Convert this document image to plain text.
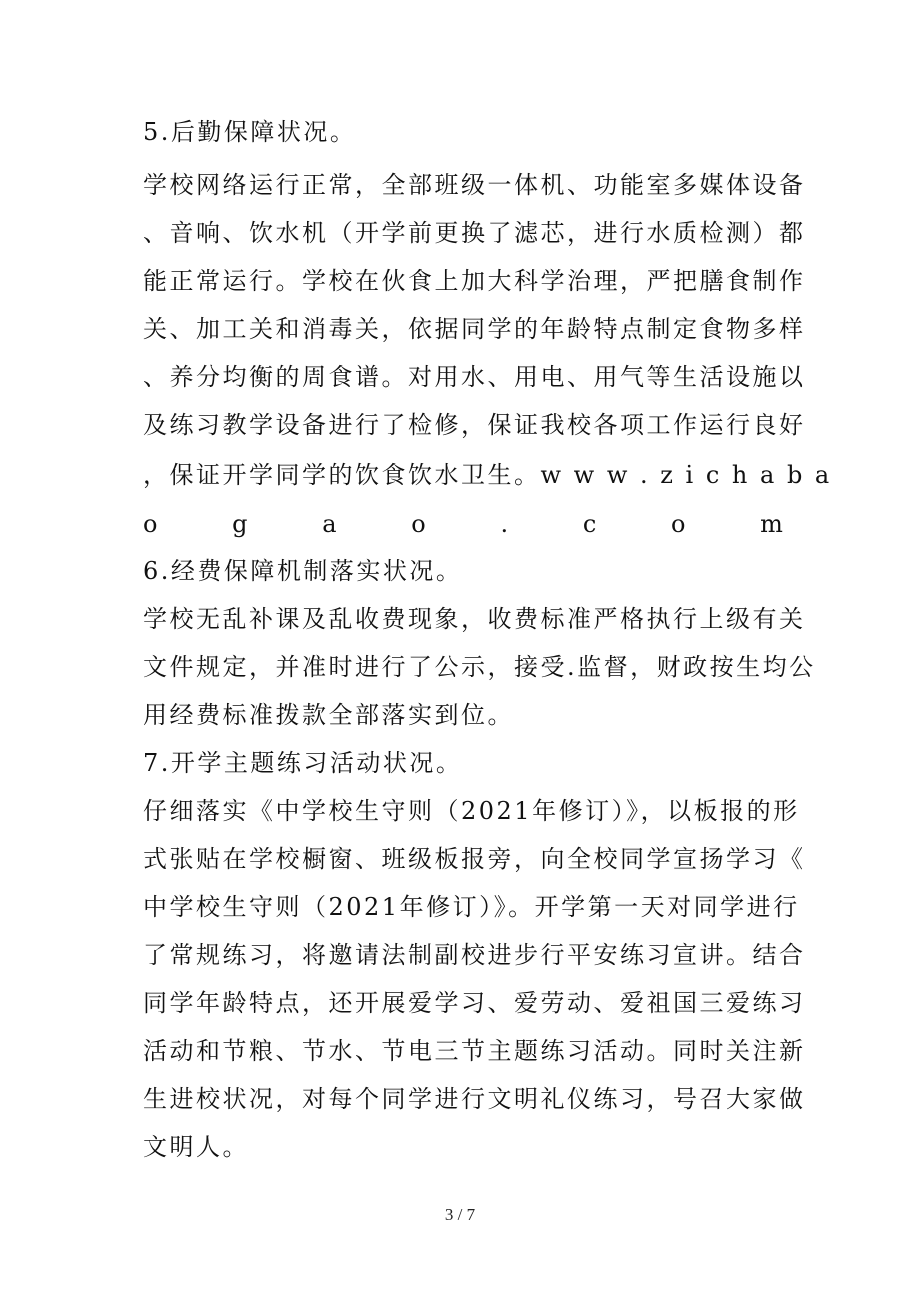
5.后勤保障状况。
学校网络运行正常，全部班级一体机、功能室多媒体设备
、音响、饮水机（开学前更换了滤芯，进行水质检测）都
能正常运行。学校在伙食上加大科学治理，严把膳食制作
关、加工关和消毒关，依据同学的年龄特点制定食物多样
、养分均衡的周食谱。对用水、用电、用气等生活设施以
及练习教学设备进行了检修，保证我校各项工作运行良好
，保证开学同学的饮食饮水卫生。w w w . z i c h a b a
o	g	a	o	.	c	o	m
6.经费保障机制落实状况。
学校无乱补课及乱收费现象，收费标准严格执行上级有关
文件规定，并准时进行了公示，接受.监督，财政按生均公
用经费标准拨款全部落实到位。
7.开学主题练习活动状况。
仔细落实《中学校生守则（2021年修订）》，以板报的形
式张贴在学校橱窗、班级板报旁，向全校同学宣扬学习《
中学校生守则（2021年修订）》。开学第一天对同学进行
了常规练习，将邀请法制副校进步行平安练习宣讲。结合
同学年龄特点，还开展爱学习、爱劳动、爱祖国三爱练习
活动和节粮、节水、节电三节主题练习活动。同时关注新
生进校状况，对每个同学进行文明礼仪练习，号召大家做
文明人。
3 / 7
